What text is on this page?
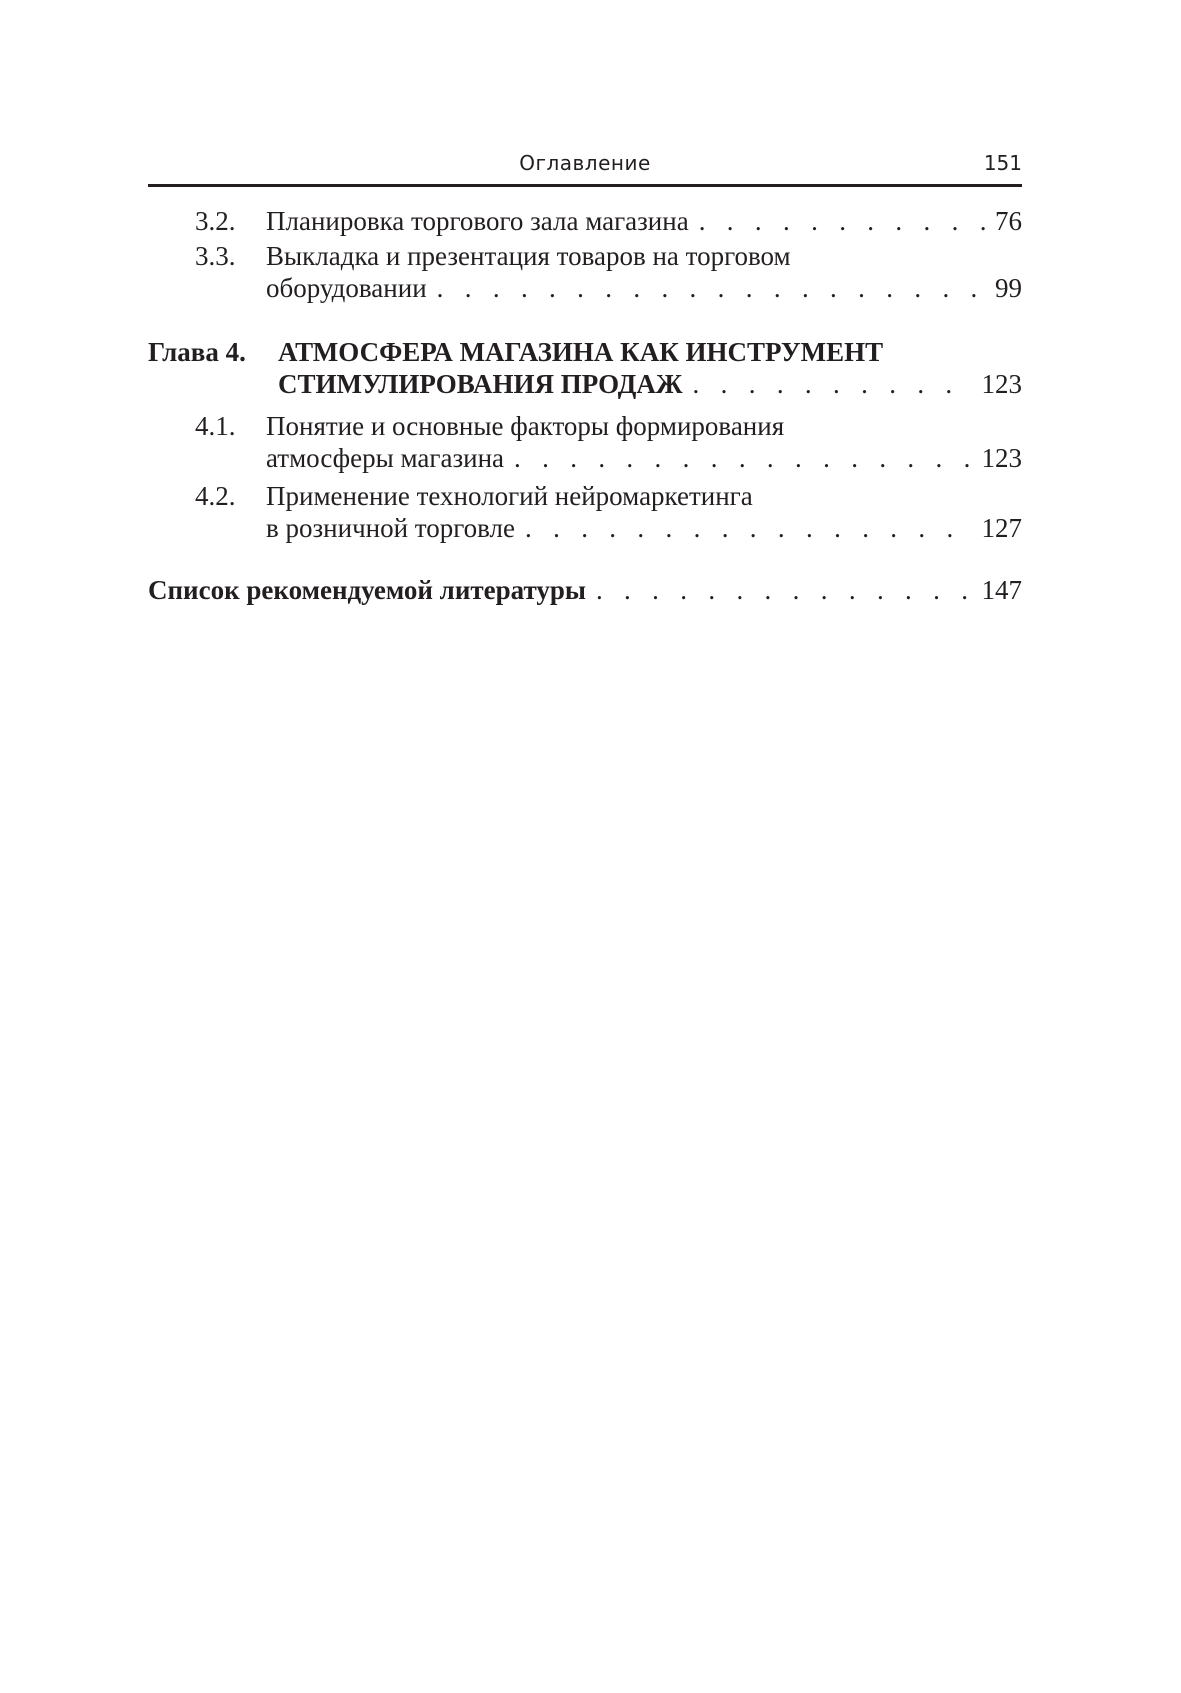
Оглавление	151
3.2. Планировка торгового зала магазина . . .	76
3.3. Выкладка и презентация товаров на торговом
оборудовании . . .	99
Глава 4. АТМОСФЕРА МАГАЗИНА КАК ИНСТРУМЕНТ
СТИМУЛИРОВАНИЯ ПРОДАЖ . . .	123
4.1. Понятие и основные факторы формирования
атмосферы магазина . . .	123
4.2. Применение технологий нейромаркетинга
в розничной торговле . . .	127
Список рекомендуемой литературы . . .	147
